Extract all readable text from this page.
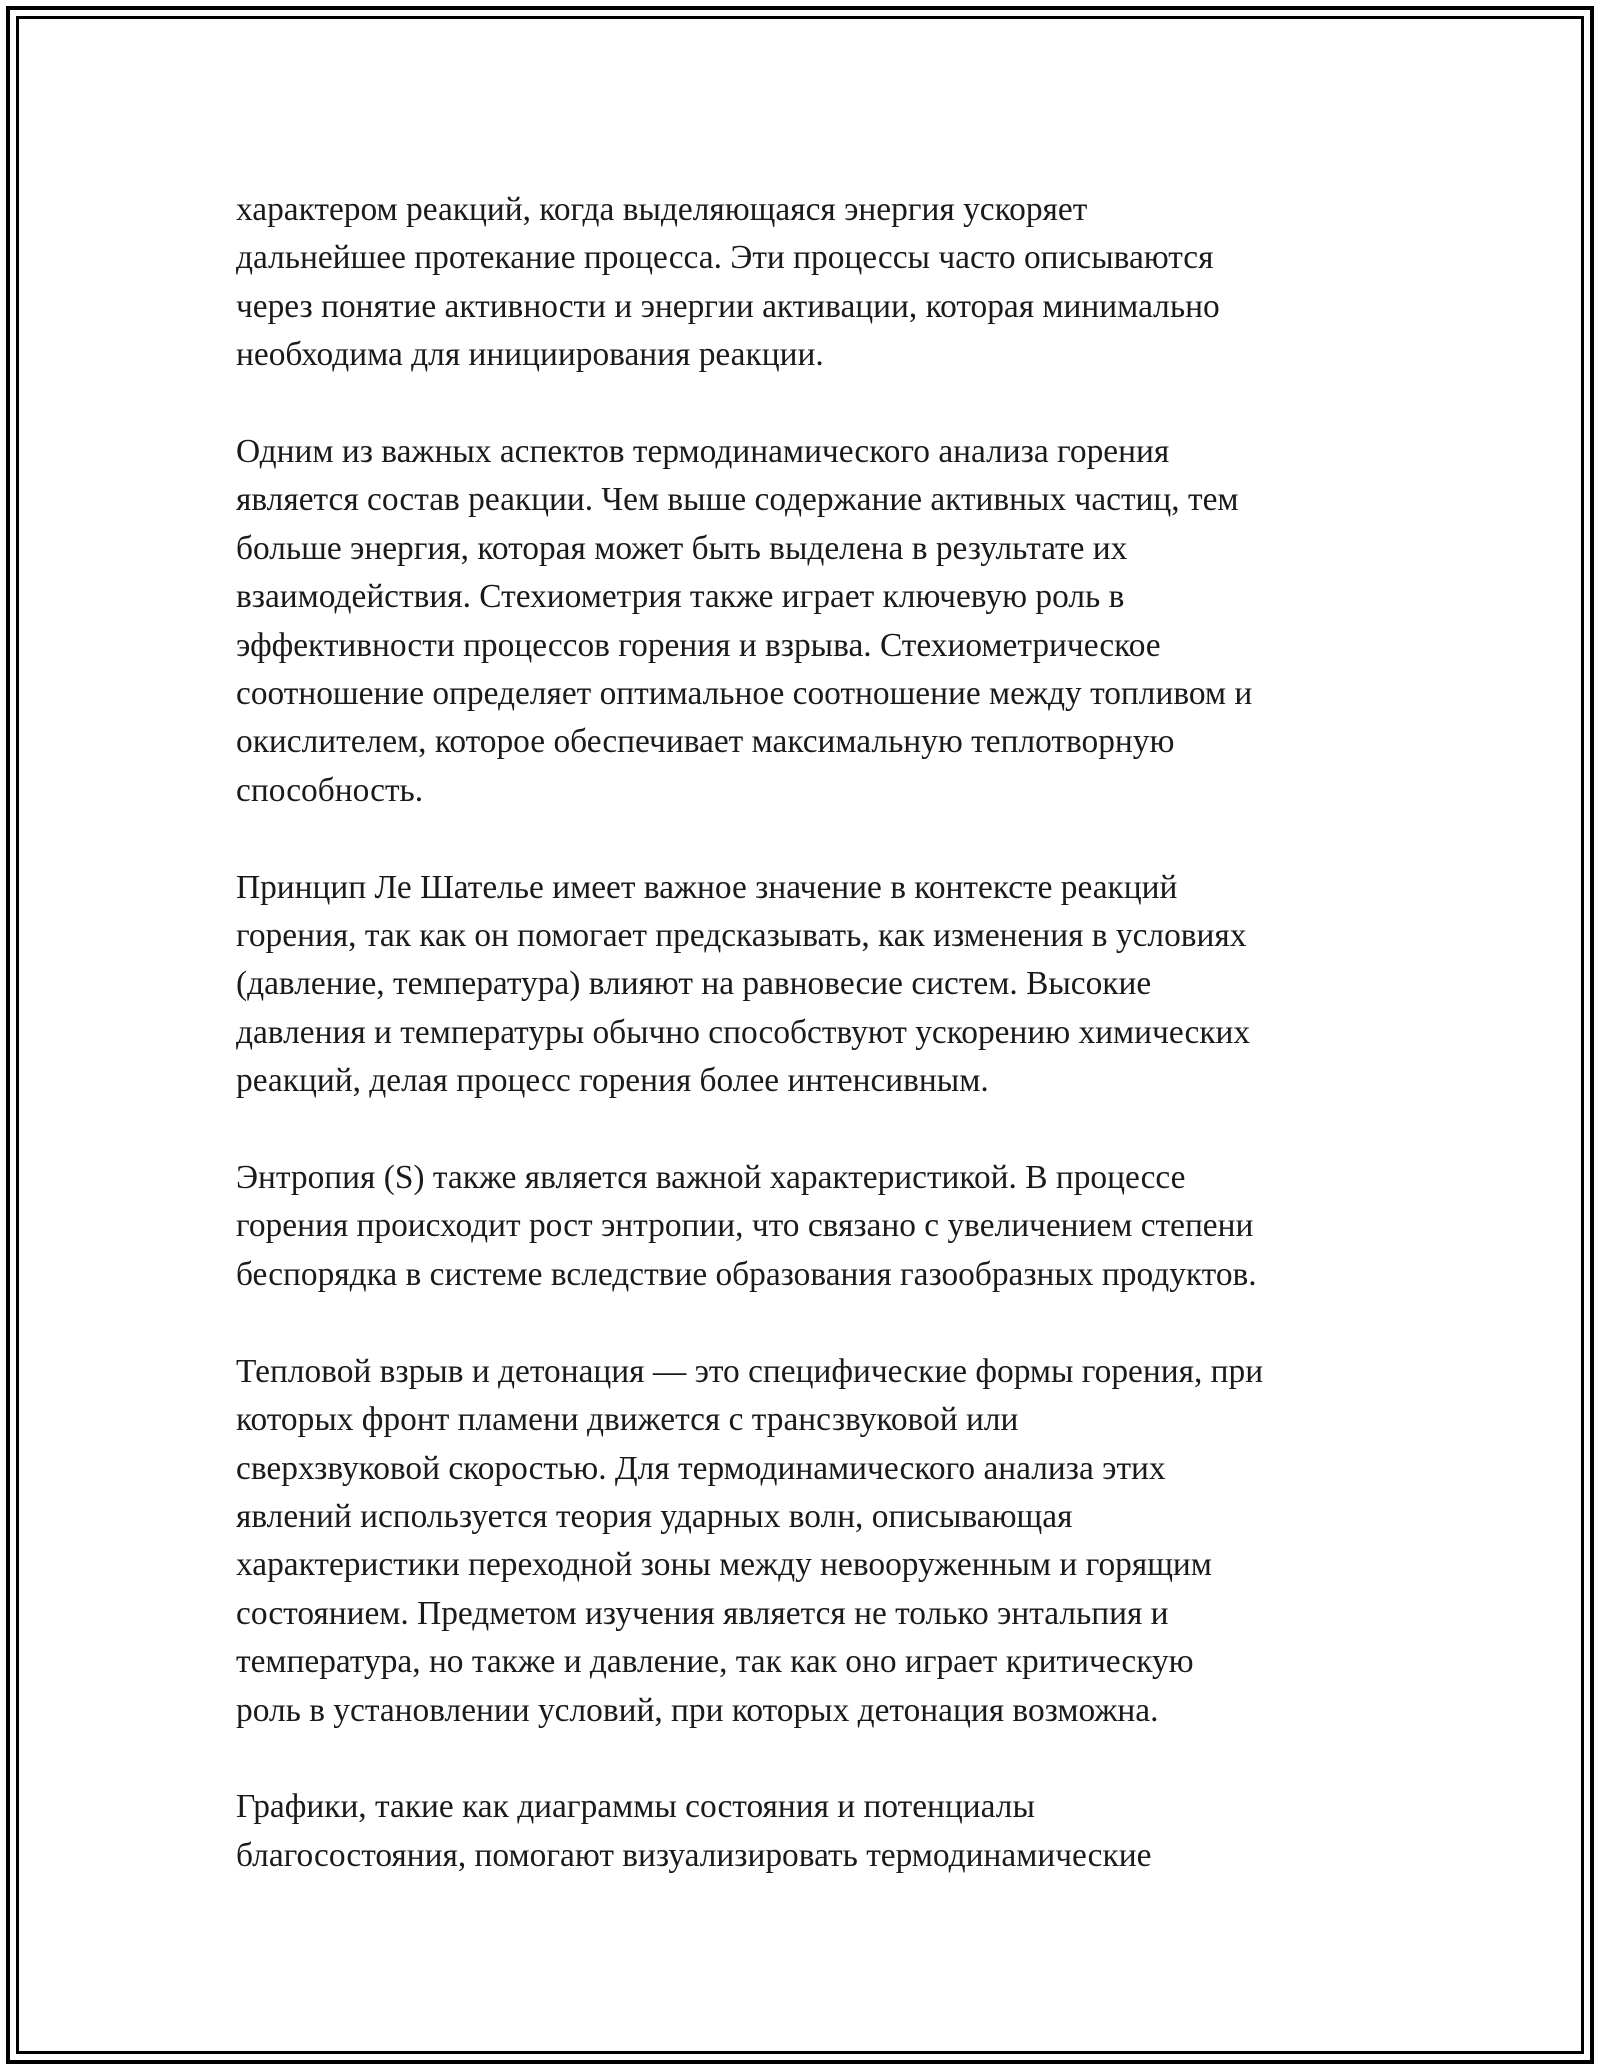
характером реакций, когда выделяющаяся энергия ускоряет
дальнейшее протекание процесса. Эти процессы часто описываются
через понятие активности и энергии активации, которая минимально
необходима для инициирования реакции.

Одним из важных аспектов термодинамического анализа горения
является состав реакции. Чем выше содержание активных частиц, тем
больше энергия, которая может быть выделена в результате их
взаимодействия. Стехиометрия также играет ключевую роль в
эффективности процессов горения и взрыва. Стехиометрическое
соотношение определяет оптимальное соотношение между топливом и
окислителем, которое обеспечивает максимальную теплотворную
способность.

Принцип Ле Шателье имеет важное значение в контексте реакций
горения, так как он помогает предсказывать, как изменения в условиях
(давление, температура) влияют на равновесие систем. Высокие
давления и температуры обычно способствуют ускорению химических
реакций, делая процесс горения более интенсивным.

Энтропия (S) также является важной характеристикой. В процессе
горения происходит рост энтропии, что связано с увеличением степени
беспорядка в системе вследствие образования газообразных продуктов.

Тепловой взрыв и детонация — это специфические формы горения, при
которых фронт пламени движется с трансзвуковой или
сверхзвуковой скоростью. Для термодинамического анализа этих
явлений используется теория ударных волн, описывающая
характеристики переходной зоны между невооруженным и горящим
состоянием. Предметом изучения является не только энтальпия и
температура, но также и давление, так как оно играет критическую
роль в установлении условий, при которых детонация возможна.

Графики, такие как диаграммы состояния и потенциалы
благосостояния, помогают визуализировать термодинамические
